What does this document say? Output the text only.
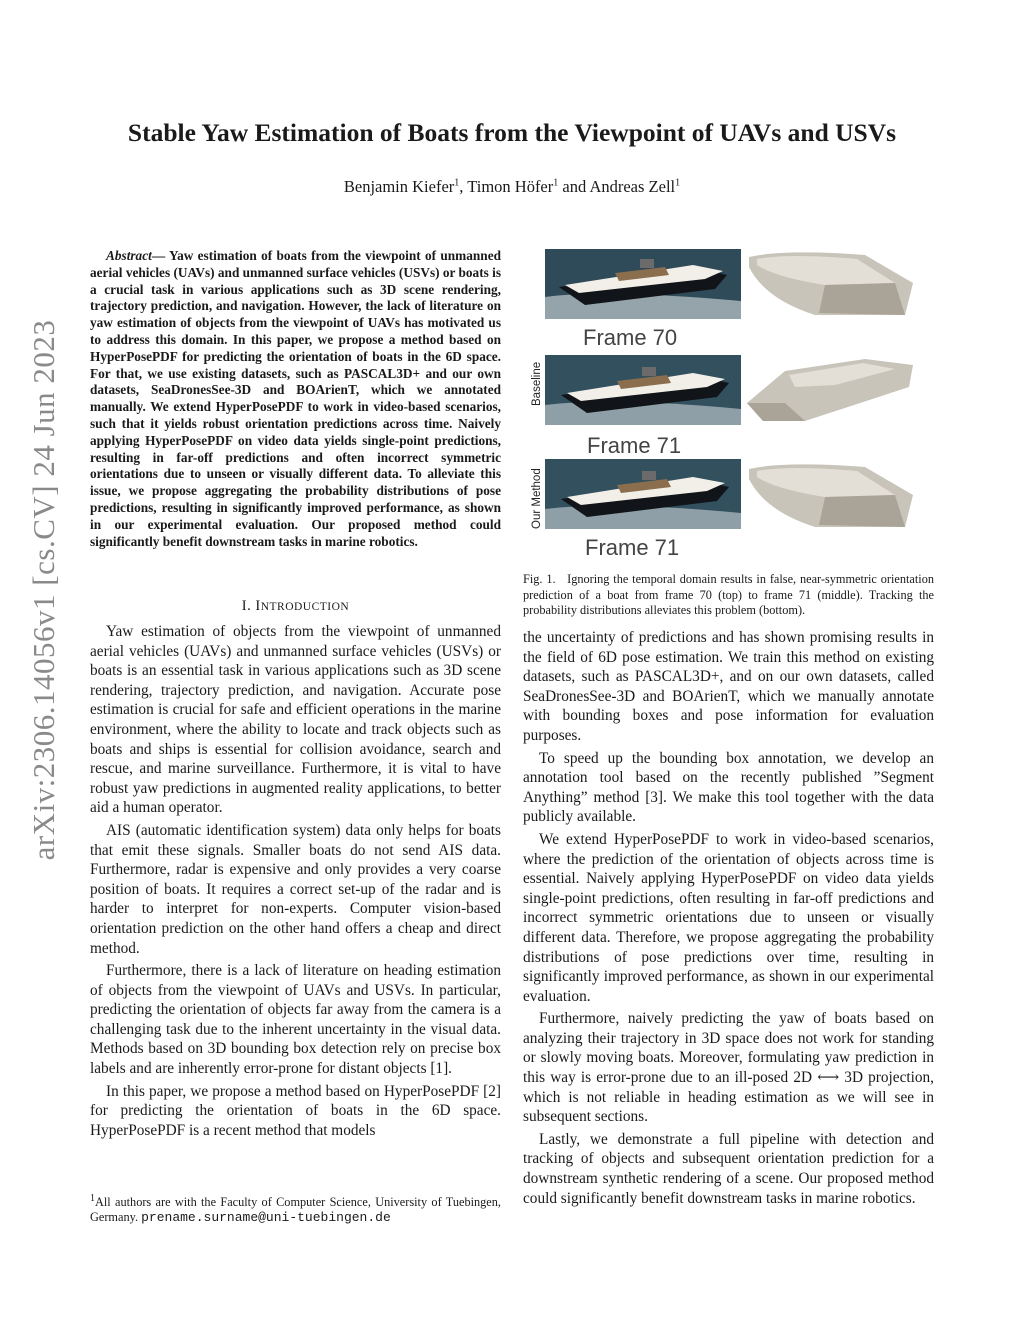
arXiv:2306.14056v1 [cs.CV] 24 Jun 2023
Stable Yaw Estimation of Boats from the Viewpoint of UAVs and USVs
Benjamin Kiefer$^1$, Timon Höfer$^1$ and Andreas Zell$^1$

Abstract— Yaw estimation of boats from the viewpoint of unmanned aerial vehicles (UAVs) and unmanned surface vehicles (USVs) or boats is a crucial task in various applications such as 3D scene rendering, trajectory prediction, and navigation. However, the lack of literature on yaw estimation of objects from the viewpoint of UAVs has motivated us to address this domain. In this paper, we propose a method based on HyperPosePDF for predicting the orientation of boats in the 6D space. For that, we use existing datasets, such as PASCAL3D+ and our own datasets, SeaDronesSee-3D and BOArienT, which we annotated manually. We extend HyperPosePDF to work in video-based scenarios, such that it yields robust orientation predictions across time. Naively applying HyperPosePDF on video data yields single-point predictions, resulting in far-off predictions and often incorrect symmetric orientations due to unseen or visually different data. To alleviate this issue, we propose aggregating the probability distributions of pose predictions, resulting in significantly improved performance, as shown in our experimental evaluation. Our proposed method could significantly benefit downstream tasks in marine robotics.

I. INTRODUCTION

Yaw estimation of objects from the viewpoint of unmanned aerial vehicles (UAVs) and unmanned surface vehicles (USVs) or boats is an essential task in various applications such as 3D scene rendering, trajectory prediction, and navigation. Accurate pose estimation is crucial for safe and efficient operations in the marine environment, where the ability to locate and track objects such as boats and ships is essential for collision avoidance, search and rescue, and marine surveillance. Furthermore, it is vital to have robust yaw predictions in augmented reality applications, to better aid a human operator.

AIS (automatic identification system) data only helps for boats that emit these signals. Smaller boats do not send AIS data. Furthermore, radar is expensive and only provides a very coarse position of boats. It requires a correct set-up of the radar and is harder to interpret for non-experts. Computer vision-based orientation prediction on the other hand offers a cheap and direct method.

Furthermore, there is a lack of literature on heading estimation of objects from the viewpoint of UAVs and USVs. In particular, predicting the orientation of objects far away from the camera is a challenging task due to the inherent uncertainty in the visual data. Methods based on 3D bounding box detection rely on precise box labels and are inherently error-prone for distant objects [1].

In this paper, we propose a method based on HyperPosePDF [2] for predicting the orientation of boats in the 6D space. HyperPosePDF is a recent method that models

$^1$All authors are with the Faculty of Computer Science, University of Tuebingen, Germany. prename.surname@uni-tuebingen.de
Frame 70
Baseline
Frame 71
Our Method
Frame 71
Fig. 1. Ignoring the temporal domain results in false, near-symmetric orientation prediction of a boat from frame 70 (top) to frame 71 (middle). Tracking the probability distributions alleviates this problem (bottom).

the uncertainty of predictions and has shown promising results in the field of 6D pose estimation. We train this method on existing datasets, such as PASCAL3D+, and on our own datasets, called SeaDronesSee-3D and BOArienT, which we manually annotate with bounding boxes and pose information for evaluation purposes.

To speed up the bounding box annotation, we develop an annotation tool based on the recently published ”Segment Anything” method [3]. We make this tool together with the data publicly available.

We extend HyperPosePDF to work in video-based scenarios, where the prediction of the orientation of objects across time is essential. Naively applying HyperPosePDF on video data yields single-point predictions, often resulting in far-off predictions and incorrect symmetric orientations due to unseen or visually different data. Therefore, we propose aggregating the probability distributions of pose predictions over time, resulting in significantly improved performance, as shown in our experimental evaluation.

Furthermore, naively predicting the yaw of boats based on analyzing their trajectory in 3D space does not work for standing or slowly moving boats. Moreover, formulating yaw prediction in this way is error-prone due to an ill-posed 2D ⟷ 3D projection, which is not reliable in heading estimation as we will see in subsequent sections.

Lastly, we demonstrate a full pipeline with detection and tracking of objects and subsequent orientation prediction for a downstream synthetic rendering of a scene. Our proposed method could significantly benefit downstream tasks in marine robotics.
